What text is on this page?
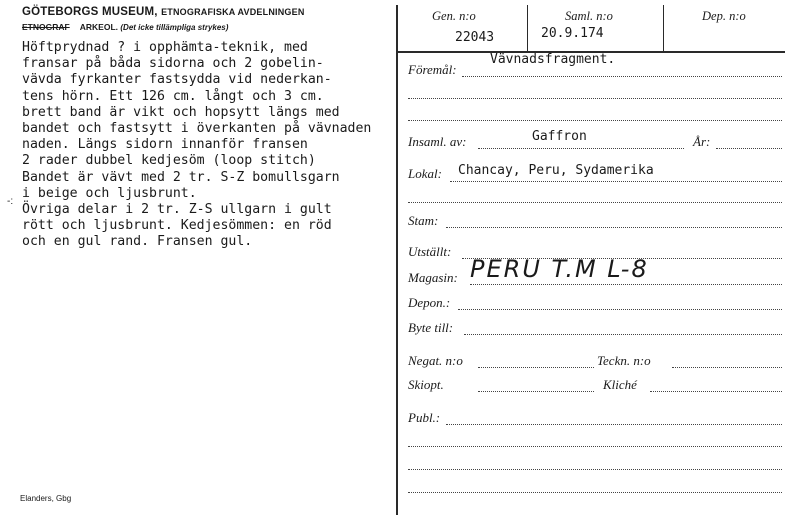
GÖTEBORGS MUSEUM, ETNOGRAFISKA AVDELNINGEN
ETNOGRAF ARKEOL. (Det icke tillämpliga strykes)
Höftprydnad ? i opphämta-teknik, med
fransar på båda sidorna och 2 gobelin-
vävda fyrkanter fastsydda vid nederkan-
tens hörn. Ett 126 cm. långt och 3 cm.
brett band är vikt och hopsytt längs med
bandet och fastsytt i överkanten på vävnaden
naden. Längs sidorn innanför fransen
2 rader dubbel kedjesöm (loop stitch)
Bandet är vävt med 2 tr. S-Z bomullsgarn
i beige och ljusbrunt.
Övriga delar i 2 tr. Z-S ullgarn i gult
rött och ljusbrunt. Kedjesömmen: en röd
och en gul rand. Fransen gul.
-:
Elanders, Gbg
Gen. n:o	Saml. n:o	Dep. n:o
22043	20.9.174
Föremål:
Vävnadsfragment.
Insaml. av:	Gaffron	År:
Lokal: Chancay, Peru, Sydamerika
Stam:
Utställt:
Magasin: PERU T.M L-8
Depon.:
Byte till:
Negat. n:o	Teckn. n:o
Skiopt.	Kliché
Publ.:
